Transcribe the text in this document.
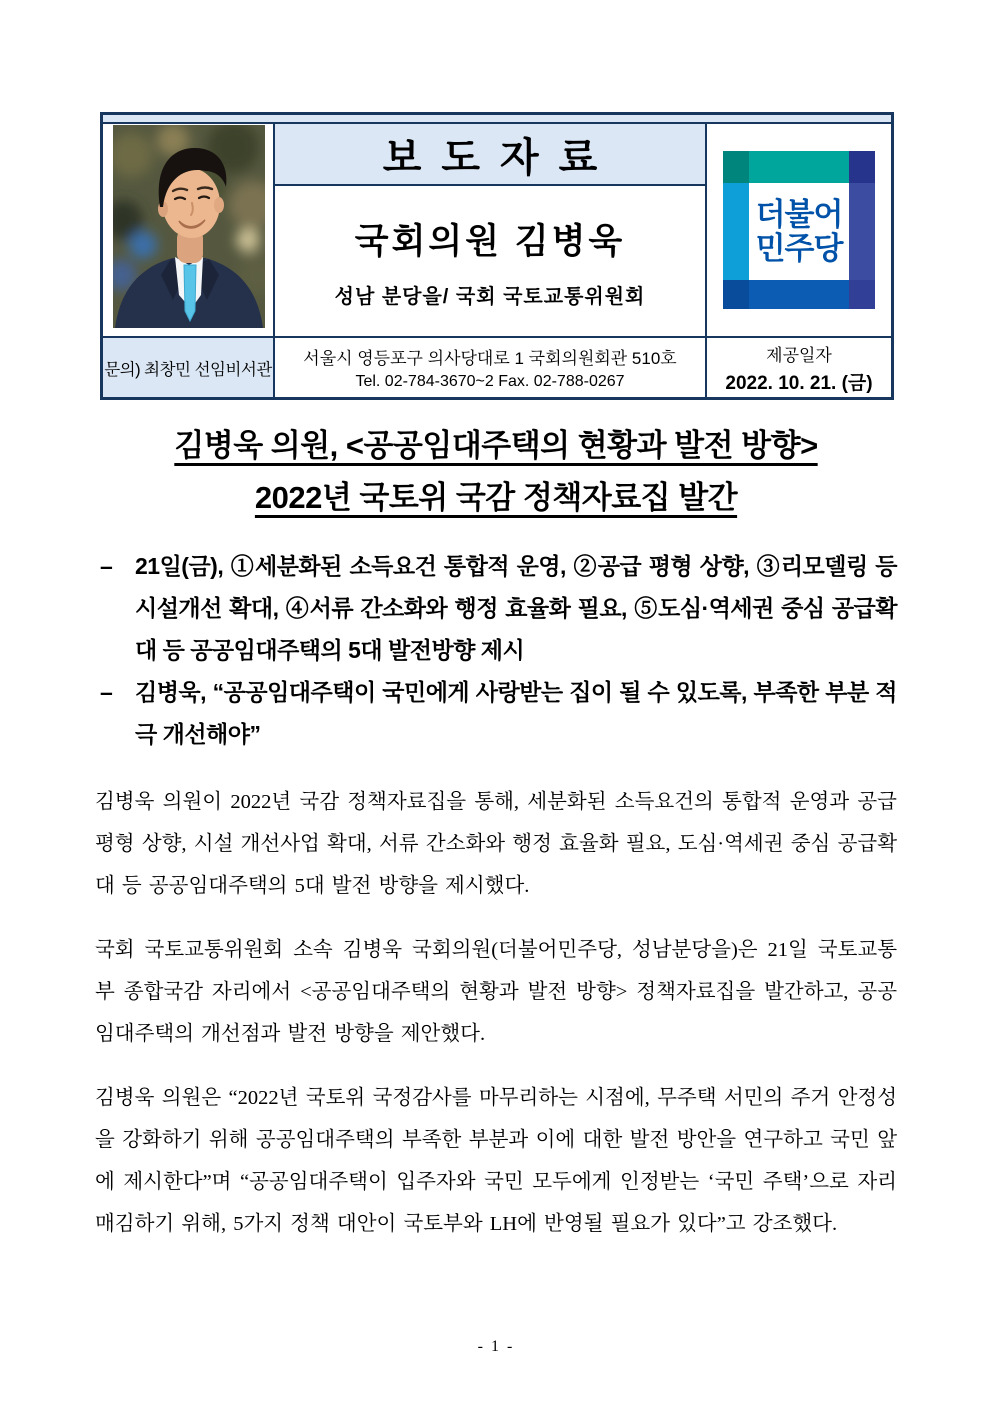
보도자료
국회의원 김병욱
성남 분당을/ 국회 국토교통위원회
더불어
민주당
문의) 최창민 선임비서관
서울시 영등포구 의사당대로 1 국회의원회관 510호
Tel. 02-784-3670~2 Fax. 02-788-0267
제공일자
2022. 10. 21. (금)
김병욱 의원, <공공임대주택의 현황과 발전 방향>
2022년 국토위 국감 정책자료집 발간
– 21일(금), ①세분화된 소득요건 통합적 운영, ②공급 평형 상향, ③리모델링 등 시설개선 확대, ④서류 간소화와 행정 효율화 필요, ⑤도심·역세권 중심 공급확대 등 공공임대주택의 5대 발전방향 제시
– 김병욱, “공공임대주택이 국민에게 사랑받는 집이 될 수 있도록, 부족한 부분 적극 개선해야”

김병욱 의원이 2022년 국감 정책자료집을 통해, 세분화된 소득요건의 통합적 운영과 공급 평형 상향, 시설 개선사업 확대, 서류 간소화와 행정 효율화 필요, 도심·역세권 중심 공급확대 등 공공임대주택의 5대 발전 방향을 제시했다.

국회 국토교통위원회 소속 김병욱 국회의원(더불어민주당, 성남분당을)은 21일 국토교통부 종합국감 자리에서 <공공임대주택의 현황과 발전 방향> 정책자료집을 발간하고, 공공임대주택의 개선점과 발전 방향을 제안했다.

김병욱 의원은 “2022년 국토위 국정감사를 마무리하는 시점에, 무주택 서민의 주거 안정성을 강화하기 위해 공공임대주택의 부족한 부분과 이에 대한 발전 방안을 연구하고 국민 앞에 제시한다”며 “공공임대주택이 입주자와 국민 모두에게 인정받는 ‘국민 주택’으로 자리매김하기 위해, 5가지 정책 대안이 국토부와 LH에 반영될 필요가 있다”고 강조했다.

- 1 -
